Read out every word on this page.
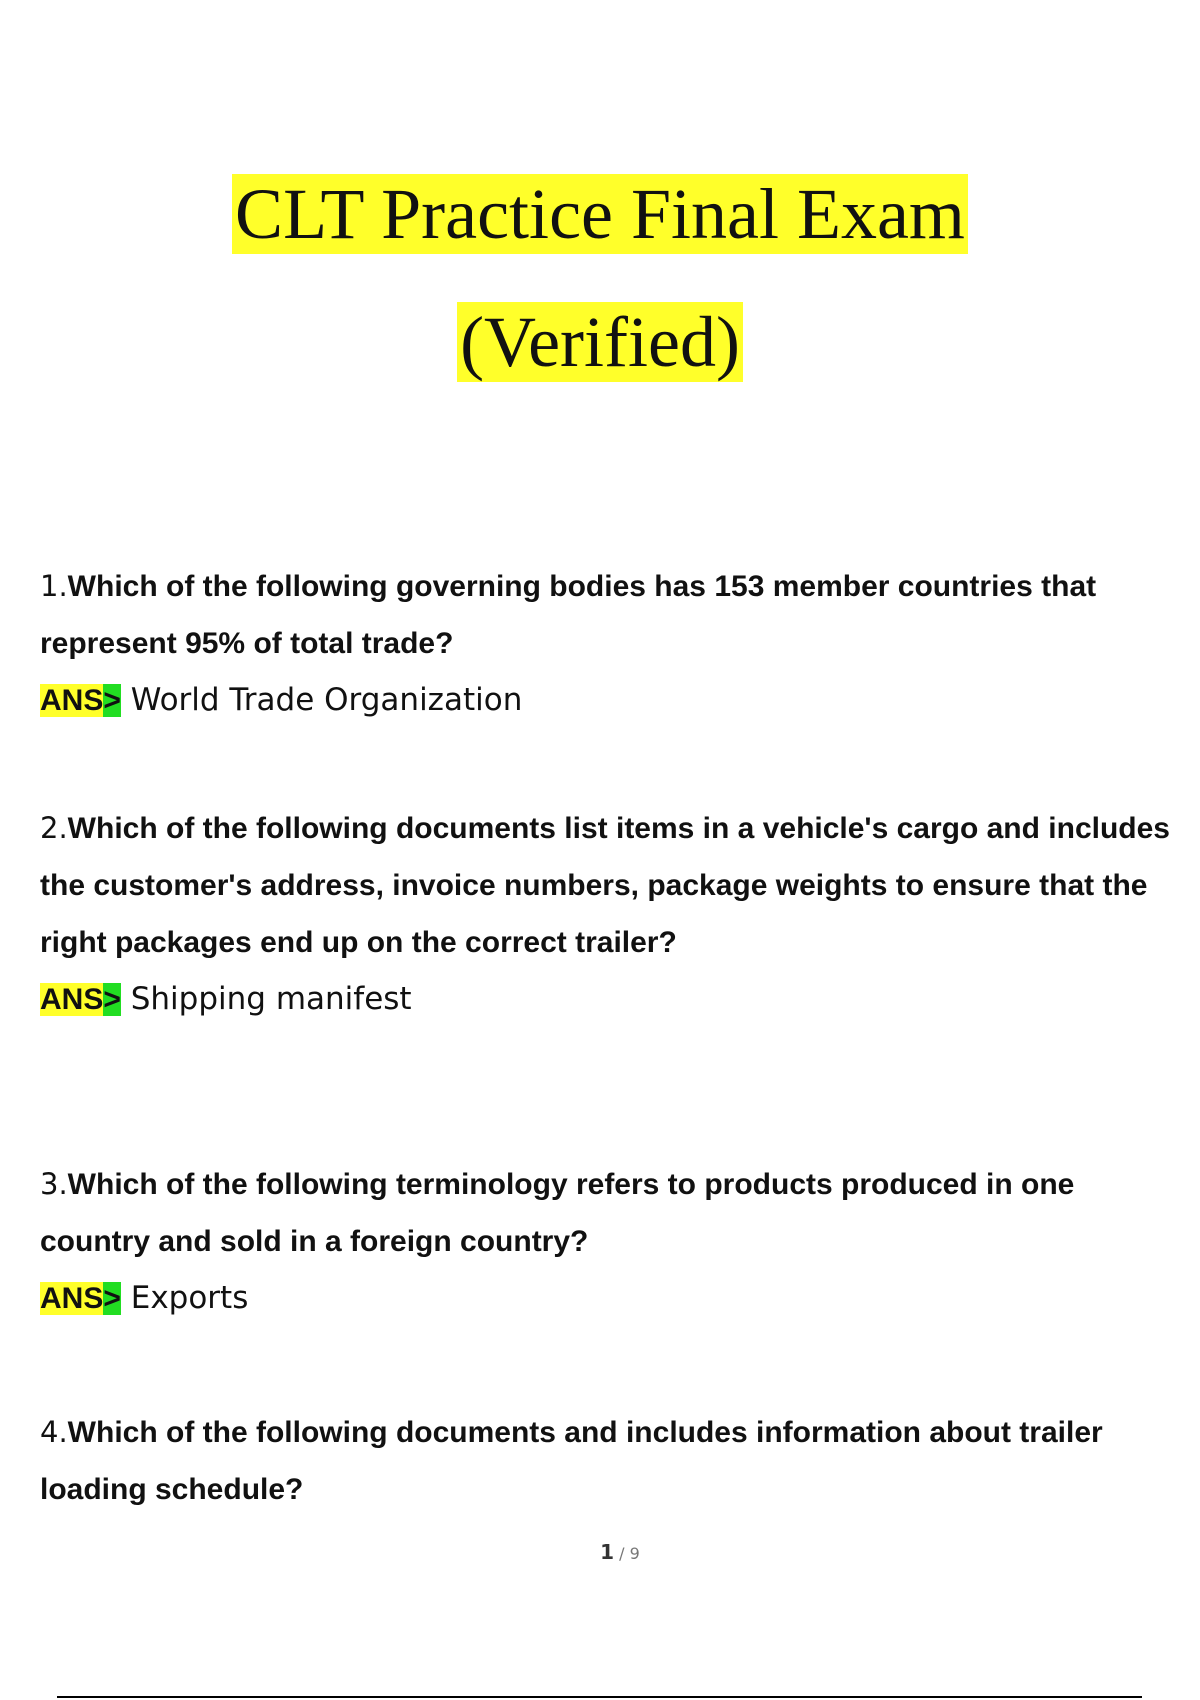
CLT Practice Final Exam
(Verified)

1.Which of the following governing bodies has 153 member countries that represent 95% of total trade?

ANS> World Trade Organization

2.Which of the following documents list items in a vehicle's cargo and includes the customer's address, invoice numbers, package weights to ensure that the right packages end up on the correct trailer?

ANS> Shipping manifest

3.Which of the following terminology refers to products produced in one country and sold in a foreign country?

ANS> Exports

4.Which of the following documents and includes information about trailer loading schedule?

1 / 9
